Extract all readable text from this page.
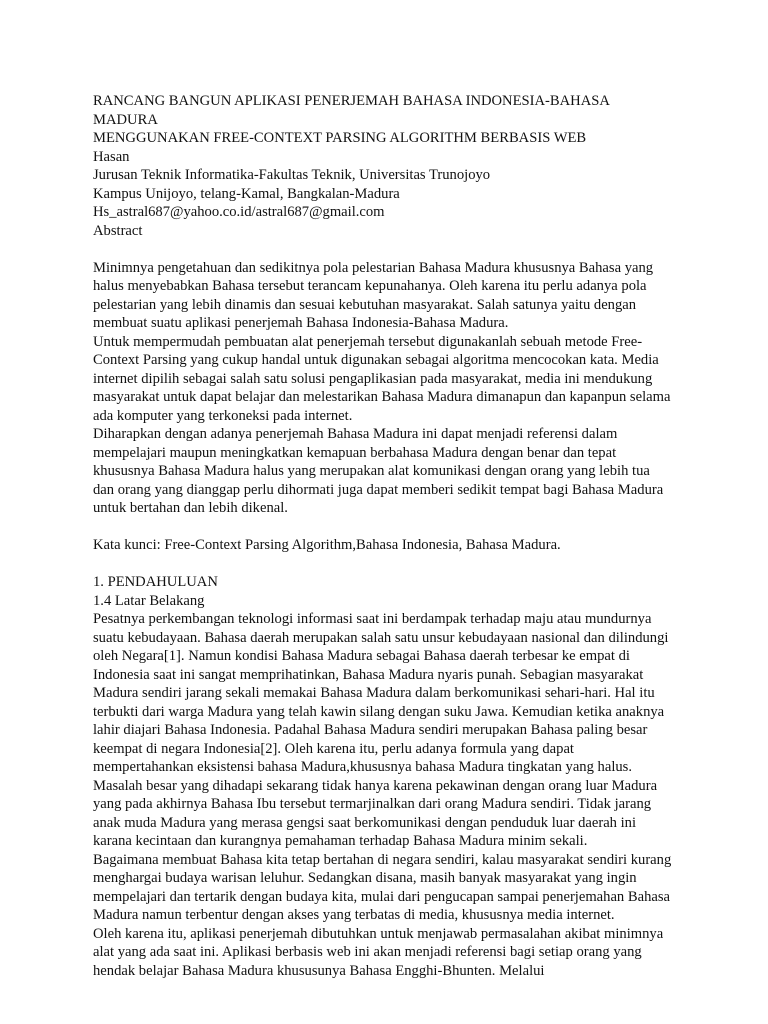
RANCANG BANGUN APLIKASI PENERJEMAH BAHASA INDONESIA-BAHASA MADURA
MENGGUNAKAN FREE-CONTEXT PARSING ALGORITHM BERBASIS WEB
Hasan
Jurusan Teknik Informatika-Fakultas Teknik, Universitas Trunojoyo
Kampus Unijoyo, telang-Kamal, Bangkalan-Madura
Hs_astral687@yahoo.co.id/astral687@gmail.com
Abstract
Minimnya pengetahuan dan sedikitnya pola pelestarian Bahasa Madura khususnya Bahasa yang halus menyebabkan Bahasa tersebut terancam kepunahanya. Oleh karena itu perlu adanya pola pelestarian yang lebih dinamis dan sesuai kebutuhan masyarakat. Salah satunya yaitu dengan membuat suatu aplikasi penerjemah Bahasa Indonesia-Bahasa Madura.
Untuk mempermudah pembuatan alat penerjemah tersebut digunakanlah sebuah metode Free-Context Parsing yang cukup handal untuk digunakan sebagai algoritma mencocokan kata. Media internet dipilih sebagai salah satu solusi pengaplikasian pada masyarakat, media ini mendukung masyarakat untuk dapat belajar dan melestarikan Bahasa Madura dimanapun dan kapanpun selama ada komputer yang terkoneksi pada internet.
Diharapkan dengan adanya penerjemah Bahasa Madura ini dapat menjadi referensi dalam mempelajari maupun meningkatkan kemapuan berbahasa Madura dengan benar dan tepat khususnya Bahasa Madura halus yang merupakan alat komunikasi dengan orang yang lebih tua dan orang yang dianggap perlu dihormati juga dapat memberi sedikit tempat bagi Bahasa Madura untuk bertahan dan lebih dikenal.
Kata kunci: Free-Context Parsing Algorithm,Bahasa Indonesia, Bahasa Madura.
1. PENDAHULUAN
1.4 Latar Belakang
Pesatnya perkembangan teknologi informasi saat ini berdampak terhadap maju atau mundurnya suatu kebudayaan. Bahasa daerah merupakan salah satu unsur kebudayaan nasional dan dilindungi oleh Negara[1]. Namun kondisi Bahasa Madura sebagai Bahasa daerah terbesar ke empat di Indonesia saat ini sangat memprihatinkan, Bahasa Madura nyaris punah. Sebagian masyarakat Madura sendiri jarang sekali memakai Bahasa Madura dalam berkomunikasi sehari-hari. Hal itu terbukti dari warga Madura yang telah kawin silang dengan suku Jawa. Kemudian ketika anaknya lahir diajari Bahasa Indonesia. Padahal Bahasa Madura sendiri merupakan Bahasa paling besar keempat di negara Indonesia[2]. Oleh karena itu, perlu adanya formula yang dapat mempertahankan eksistensi bahasa Madura,khususnya bahasa Madura tingkatan yang halus.
Masalah besar yang dihadapi sekarang tidak hanya karena pekawinan dengan orang luar Madura yang pada akhirnya Bahasa Ibu tersebut termarjinalkan dari orang Madura sendiri. Tidak jarang anak muda Madura yang merasa gengsi saat berkomunikasi dengan penduduk luar daerah ini karana kecintaan dan kurangnya pemahaman terhadap Bahasa Madura minim sekali.
Bagaimana membuat Bahasa kita tetap bertahan di negara sendiri, kalau masyarakat sendiri kurang menghargai budaya warisan leluhur. Sedangkan disana, masih banyak masyarakat yang ingin mempelajari dan tertarik dengan budaya kita, mulai dari pengucapan sampai penerjemahan Bahasa Madura namun terbentur dengan akses yang terbatas di media, khususnya media internet.
Oleh karena itu, aplikasi penerjemah dibutuhkan untuk menjawab permasalahan akibat minimnya alat yang ada saat ini. Aplikasi berbasis web ini akan menjadi referensi bagi setiap orang yang hendak belajar Bahasa Madura khususunya Bahasa Engghi-Bhunten. Melalui
